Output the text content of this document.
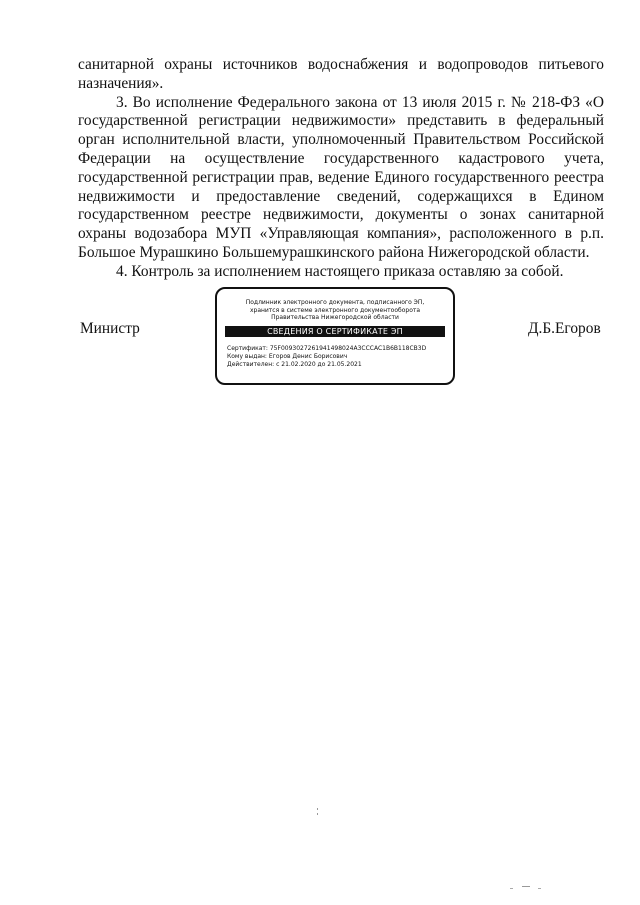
санитарной охраны источников водоснабжения и водопроводов питьевого назначения».

3. Во исполнение Федерального закона от 13 июля 2015 г. № 218-ФЗ «О государственной регистрации недвижимости» представить в федеральный орган исполнительной власти, уполномоченный Правительством Российской Федерации на осуществление государственного кадастрового учета, государственной регистрации прав, ведение Единого государственного реестра недвижимости и предоставление сведений, содержащихся в Едином государственном реестре недвижимости, документы о зонах санитарной охраны водозабора МУП «Управляющая компания», расположенного в р.п. Большое Мурашкино Большемурашкинского района Нижегородской области.

4. Контроль за исполнением настоящего приказа оставляю за собой.

Министр
Подлинник электронного документа, подписанного ЭП,
хранится в системе электронного документооборота
Правительства Нижегородской области
СВЕДЕНИЯ О СЕРТИФИКАТЕ ЭП
Сертификат: 75F0093027261941498024A3CCCAC1B6B118CB3D
Кому выдан: Егоров Денис Борисович
Действителен: с 21.02.2020 до 21.05.2021
Д.Б.Егоров
